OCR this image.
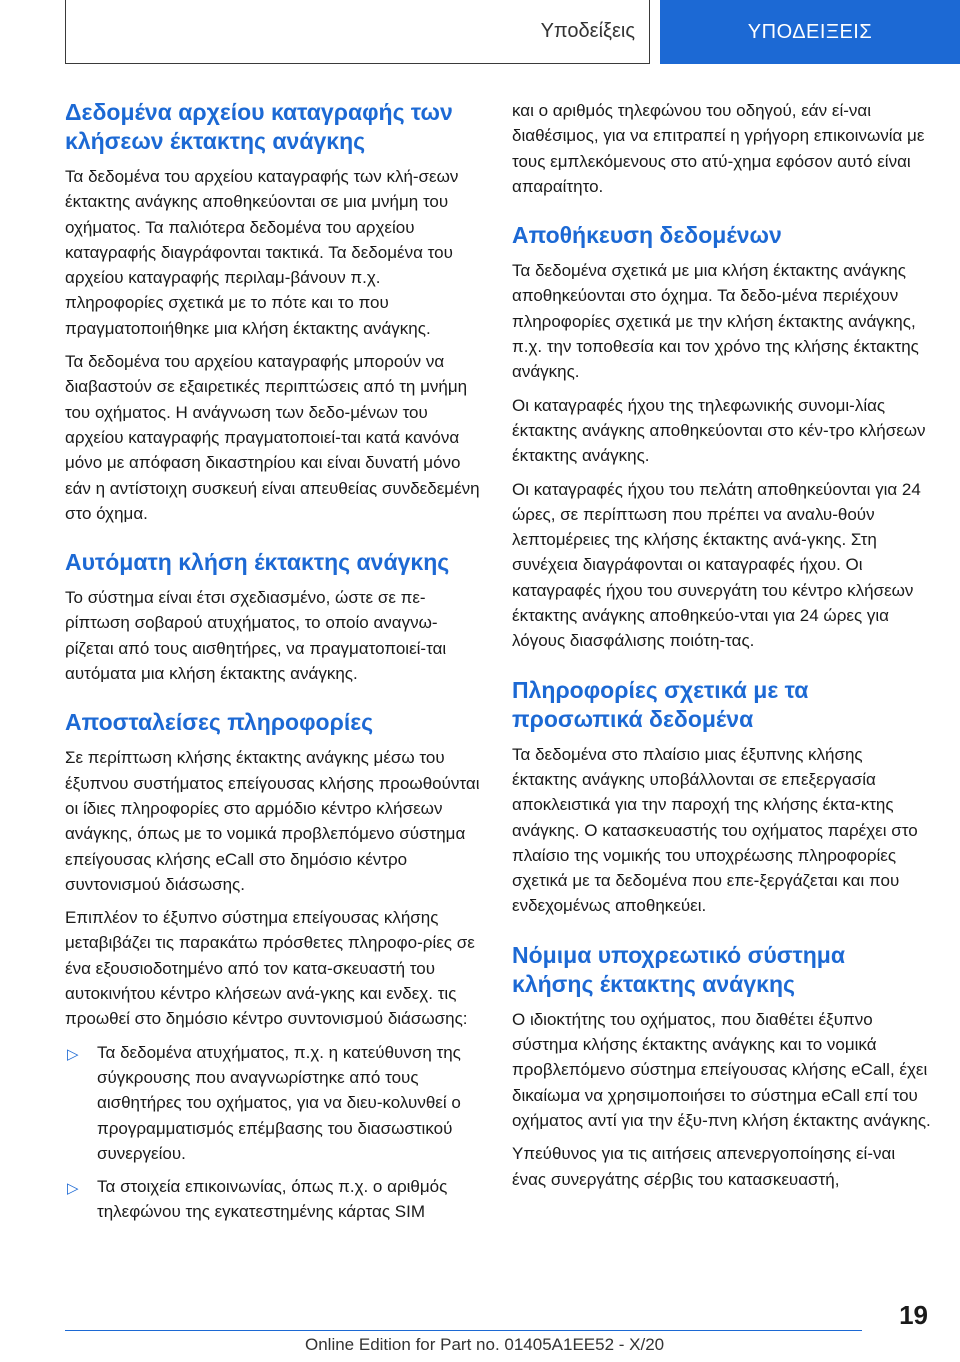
Υποδείξεις	ΥΠΟΔΕΙΞΕΙΣ
Δεδομένα αρχείου καταγραφής των κλήσεων έκτακτης ανάγκης

Τα δεδομένα του αρχείου καταγραφής των κλή-σεων έκτακτης ανάγκης αποθηκεύονται σε μια μνήμη του οχήματος. Τα παλιότερα δεδομένα του αρχείου καταγραφής διαγράφονται τακτικά. Τα δεδομένα του αρχείου καταγραφής περιλαμ-βάνουν π.χ. πληροφορίες σχετικά με το πότε και το που πραγματοποιήθηκε μια κλήση έκτακτης ανάγκης.

Τα δεδομένα του αρχείου καταγραφής μπορούν να διαβαστούν σε εξαιρετικές περιπτώσεις από τη μνήμη του οχήματος. Η ανάγνωση των δεδο-μένων του αρχείου καταγραφής πραγματοποιεί-ται κατά κανόνα μόνο με απόφαση δικαστηρίου και είναι δυνατή μόνο εάν η αντίστοιχη συσκευή είναι απευθείας συνδεδεμένη στο όχημα.

Αυτόματη κλήση έκτακτης ανάγκης

Το σύστημα είναι έτσι σχεδιασμένο, ώστε σε πε-ρίπτωση σοβαρού ατυχήματος, το οποίο αναγνω-ρίζεται από τους αισθητήρες, να πραγματοποιεί-ται αυτόματα μια κλήση έκτακτης ανάγκης.

Αποσταλείσες πληροφορίες

Σε περίπτωση κλήσης έκτακτης ανάγκης μέσω του έξυπνου συστήματος επείγουσας κλήσης προωθούνται οι ίδιες πληροφορίες στο αρμόδιο κέντρο κλήσεων ανάγκης, όπως με το νομικά προβλεπόμενο σύστημα επείγουσας κλήσης eCall στο δημόσιο κέντρο συντονισμού διάσωσης.

Επιπλέον το έξυπνο σύστημα επείγουσας κλήσης μεταβιβάζει τις παρακάτω πρόσθετες πληροφο-ρίες σε ένα εξουσιοδοτημένο από τον κατα-σκευαστή του αυτοκινήτου κέντρο κλήσεων ανά-γκης και ενδεχ. τις προωθεί στο δημόσιο κέντρο συντονισμού διάσωσης:

▷ Τα δεδομένα ατυχήματος, π.χ. η κατεύθυνση της σύγκρουσης που αναγνωρίστηκε από τους αισθητήρες του οχήματος, για να διευ-κολυνθεί ο προγραμματισμός επέμβασης του διασωστικού συνεργείου.
▷ Τα στοιχεία επικοινωνίας, όπως π.χ. ο αριθμός τηλεφώνου της εγκατεστημένης κάρτας SIM

και ο αριθμός τηλεφώνου του οδηγού, εάν εί-ναι διαθέσιμος, για να επιτραπεί η γρήγορη επικοινωνία με τους εμπλεκόμενους στο ατύ-χημα εφόσον αυτό είναι απαραίτητο.

Αποθήκευση δεδομένων

Τα δεδομένα σχετικά με μια κλήση έκτακτης ανάγκης αποθηκεύονται στο όχημα. Τα δεδο-μένα περιέχουν πληροφορίες σχετικά με την κλήση έκτακτης ανάγκης, π.χ. την τοποθεσία και τον χρόνο της κλήσης έκτακτης ανάγκης.

Οι καταγραφές ήχου της τηλεφωνικής συνομι-λίας έκτακτης ανάγκης αποθηκεύονται στο κέν-τρο κλήσεων έκτακτης ανάγκης.

Οι καταγραφές ήχου του πελάτη αποθηκεύονται για 24 ώρες, σε περίπτωση που πρέπει να αναλυ-θούν λεπτομέρειες της κλήσης έκτακτης ανά-γκης. Στη συνέχεια διαγράφονται οι καταγραφές ήχου. Οι καταγραφές ήχου του συνεργάτη του κέντρο κλήσεων έκτακτης ανάγκης αποθηκεύο-νται για 24 ώρες για λόγους διασφάλισης ποιότη-τας.

Πληροφορίες σχετικά με τα προσωπικά δεδομένα

Τα δεδομένα στο πλαίσιο μιας έξυπνης κλήσης έκτακτης ανάγκης υποβάλλονται σε επεξεργασία αποκλειστικά για την παροχή της κλήσης έκτα-κτης ανάγκης. Ο κατασκευαστής του οχήματος παρέχει στο πλαίσιο της νομικής του υποχρέωσης πληροφορίες σχετικά με τα δεδομένα που επε-ξεργάζεται και που ενδεχομένως αποθηκεύει.

Νόμιμα υποχρεωτικό σύστημα κλήσης έκτακτης ανάγκης

Ο ιδιοκτήτης του οχήματος, που διαθέτει έξυπνο σύστημα κλήσης έκτακτης ανάγκης και το νομικά προβλεπόμενο σύστημα επείγουσας κλήσης eCall, έχει δικαίωμα να χρησιμοποιήσει το σύστημα eCall επί του οχήματος αντί για την έξυ-πνη κλήση έκτακτης ανάγκης.

Υπεύθυνος για τις αιτήσεις απενεργοποίησης εί-ναι ένας συνεργάτης σέρβις του κατασκευαστή,

19
Online Edition for Part no. 01405A1EE52 - X/20
